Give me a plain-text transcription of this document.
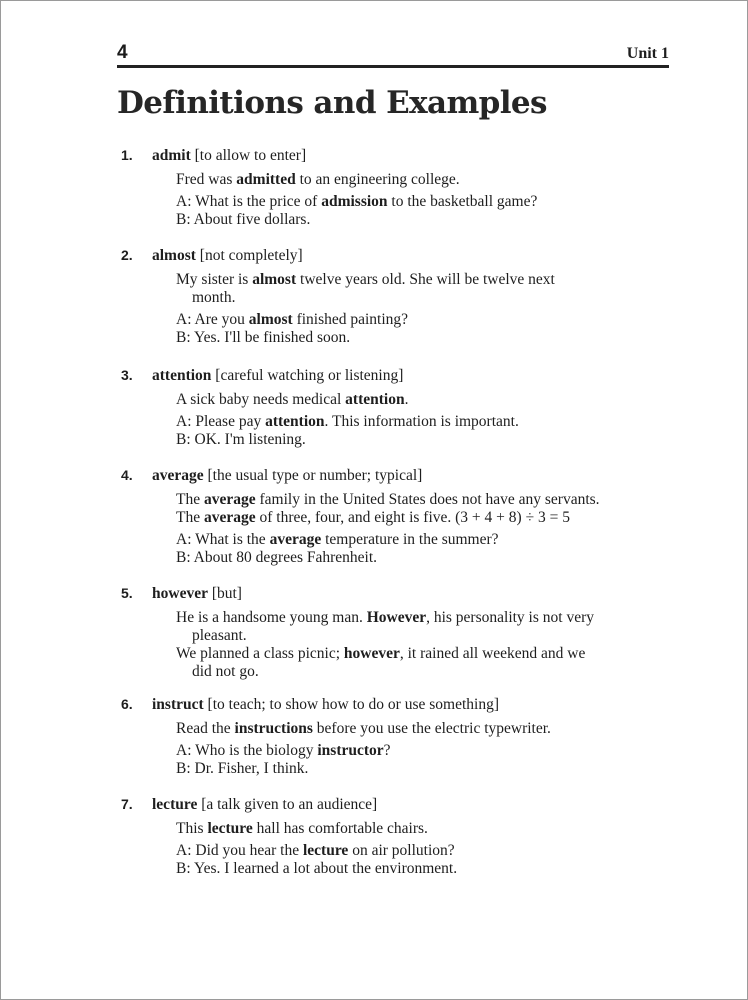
4	Unit 1
Definitions and Examples
1. admit [to allow to enter]
Fred was admitted to an engineering college.
A: What is the price of admission to the basketball game?
B: About five dollars.
2. almost [not completely]
My sister is almost twelve years old. She will be twelve next
month.
A: Are you almost finished painting?
B: Yes. I'll be finished soon.
3. attention [careful watching or listening]
A sick baby needs medical attention.
A: Please pay attention. This information is important.
B: OK. I'm listening.
4. average [the usual type or number; typical]
The average family in the United States does not have any servants.
The average of three, four, and eight is five. (3 + 4 + 8) ÷ 3 = 5
A: What is the average temperature in the summer?
B: About 80 degrees Fahrenheit.
5. however [but]
He is a handsome young man. However, his personality is not very
pleasant.
We planned a class picnic; however, it rained all weekend and we
did not go.
6. instruct [to teach; to show how to do or use something]
Read the instructions before you use the electric typewriter.
A: Who is the biology instructor?
B: Dr. Fisher, I think.
7. lecture [a talk given to an audience]
This lecture hall has comfortable chairs.
A: Did you hear the lecture on air pollution?
B: Yes. I learned a lot about the environment.
